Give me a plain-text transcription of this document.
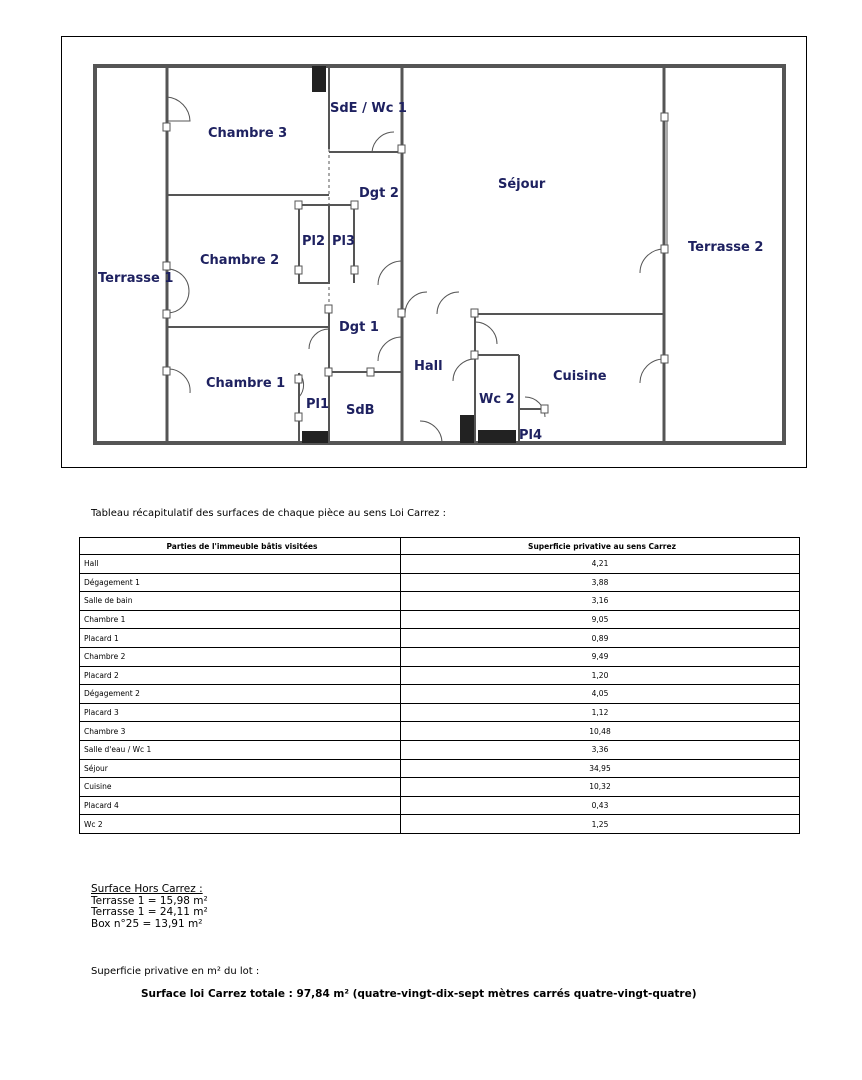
Chambre 3
SdE / Wc 1
Séjour
Dgt 2
Pl2 Pl3
Chambre 2
Terrasse 1
Terrasse 2
Dgt 1
Hall
Cuisine
Chambre 1
Pl1 SdB
Wc 2
Pl4
Tableau récapitulatif des surfaces de chaque pièce au sens Loi Carrez :
Parties de l'immeuble bâtis visitées	Superficie privative au sens Carrez
Hall	4,21
Dégagement 1	3,88
Salle de bain	3,16
Chambre 1	9,05
Placard 1	0,89
Chambre 2	9,49
Placard 2	1,20
Dégagement 2	4,05
Placard 3	1,12
Chambre 3	10,48
Salle d'eau / Wc 1	3,36
Séjour	34,95
Cuisine	10,32
Placard 4	0,43
Wc 2	1,25
Surface Hors Carrez :
Terrasse 1 = 15,98 m²
Terrasse 1 = 24,11 m²
Box n°25 = 13,91 m²
Superficie privative en m² du lot :
Surface loi Carrez totale : 97,84 m² (quatre-vingt-dix-sept mètres carrés quatre-vingt-quatre)
